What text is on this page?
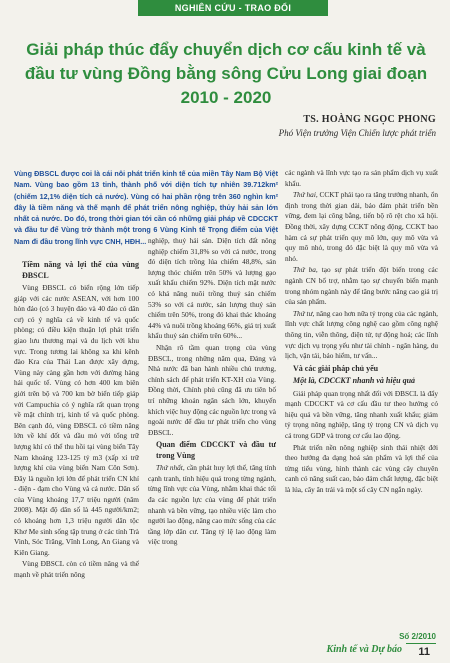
NGHIÊN CỨU - TRAO ĐỔI
Giải pháp thúc đẩy chuyển dịch cơ cấu kinh tế và đầu tư vùng Đồng bằng sông Cửu Long giai đoạn 2010 - 2020
TS. HOÀNG NGỌC PHONG
Phó Viện trưởng Viện Chiến lược phát triển
Vùng ĐBSCL được coi là cái nôi phát triển kinh tế của miền Tây Nam Bộ Việt Nam. Vùng bao gồm 13 tỉnh, thành phố với diện tích tự nhiên 39.712km² (chiếm 12,1% diện tích cả nước). Vùng có hai phần rộng trên 360 nghìn km² đây là tiềm năng và thế mạnh để phát triển nông nghiệp, thủy hải sản lớn nhất cả nước. Do đó, trong thời gian tới cần có những giải pháp về CDCCKT và đầu tư để Vùng trở thành một trong 6 Vùng Kinh tế Trọng điểm của Việt Nam đi đầu trong lĩnh vực CNH, HĐH...
Tiềm năng và lợi thế của vùng ĐBSCL

Vùng ĐBSCL có biển rộng lớn tiếp giáp với các nước ASEAN, với hơn 100 hòn đảo (có 3 huyện đảo và 40 đảo có dân cư) có ý nghĩa cả về kinh tế và quốc phòng; có điều kiện thuận lợi phát triển giao lưu thương mại và du lịch với khu vực. Trong tương lai không xa khi kênh đào Kra của Thái Lan được xây dựng, Vùng này càng gần hơn với đường hàng hải quốc tế. Vùng có hơn 400 km biên giới trên bộ và 700 km bờ biển tiếp giáp với Campuchia có ý nghĩa rất quan trọng về mặt chính trị, kinh tế và quốc phòng. Bên cạnh đó, vùng ĐBSCL có tiềm năng lớn về khí đốt và dầu mỏ với tổng trữ lượng khí có thể thu hồi tại vùng biển Tây Nam khoảng 123-125 tỷ m3 (xấp xỉ trữ lượng khí của vùng biển Nam Côn Sơn). Đây là nguồn lợi lớn để phát triển CN khí - điện - đạm cho Vùng và cả nước. Dân số của Vùng khoảng 17,7 triệu người (năm 2008). Mật độ dân số là 445 người/km2; có khoảng hơn 1,3 triệu người dân tộc Khơ Me sinh sống tập trung ở các tỉnh Trà Vinh, Sóc Trăng, Vĩnh Long, An Giang và Kiên Giang.

Vùng ĐBSCL còn có tiềm năng và thế mạnh về phát triển nông

nghiệp, thuỷ hải sản. Diện tích đất nông nghiệp chiếm 31,8% so với cả nước, trong đó diện tích trồng lúa chiếm 48,8%, sản lượng thóc chiếm trên 50% và lượng gạo xuất khẩu chiếm 92%. Diện tích mặt nước có khả năng nuôi trồng thuỷ sản chiếm 53% so với cả nước, sản lượng thuỷ sản chiếm trên 50%, trong đó khai thác khoảng 44% và nuôi trồng khoảng 66%, giá trị xuất khẩu thuỷ sản chiếm trên 60%...

Nhận rõ tầm quan trọng của vùng ĐBSCL, trong những năm qua, Đảng và Nhà nước đã ban hành nhiều chủ trương, chính sách để phát triển KT-XH của Vùng. Đồng thời, Chính phủ cũng đã ưu tiên bố trí những khoản ngân sách lớn, khuyến khích việc huy động các nguồn lực trong và ngoài nước để đầu tư phát triển cho vùng ĐBSCL.

Quan điểm CDCCKT và đầu tư trong Vùng

Thứ nhất, cần phát huy lợi thế, tăng tính cạnh tranh, tính hiệu quả trong từng ngành, từng lĩnh vực của Vùng, nhằm khai thác tối đa các nguồn lực của vùng để phát triển nhanh và bền vững, tạo nhiều việc làm cho người lao động, nâng cao mức sống của các tầng lớp dân cư. Tăng tỷ lệ lao động làm việc trong

các ngành và lĩnh vực tạo ra sản phẩm dịch vụ xuất khẩu.

Thứ hai, CCKT phải tạo ra tăng trưởng nhanh, ổn định trong thời gian dài, bảo đảm phát triển bền vững, đem lại công bằng, tiến bộ rõ rệt cho xã hội. Đồng thời, xây dựng CCKT nông động, CCKT bao hàm cả sự phát triển quy mô lớn, quy mô vừa và quy mô nhỏ, trong đó đặc biệt là quy mô vừa và nhỏ.

Thứ ba, tạo sự phát triển đột biến trong các ngành CN bổ trợ, nhằm tạo sự chuyển biến mạnh trong nhóm ngành này để tăng bước nâng cao giá trị của sản phẩm.

Thứ tư, nâng cao hơn nữa tỷ trọng của các ngành, lĩnh vực chất lượng công nghệ cao gồm công nghệ thông tin, viễn thông, điện tử, tự động hoá; các lĩnh vực dịch vụ trọng yếu như tài chính - ngân hàng, du lịch, vận tải, bảo hiểm, tư vấn...

Và các giải pháp chủ yếu
Một là, CDCCKT nhanh và hiệu quả

Giải pháp quan trọng nhất đối với ĐBSCL là đẩy mạnh CDCCKT và cơ cấu đầu tư theo hướng có hiệu quả và bền vững, tăng nhanh xuất khẩu; giảm tỷ trọng nông nghiệp, tăng tỷ trọng CN và dịch vụ cả trong GDP và trong cơ cấu lao động.

Phát triển nền nông nghiệp sinh thái nhiệt đới theo hướng đa dạng hoá sản phẩm và lợi thế của từng tiểu vùng, hình thành các vùng cây chuyên canh có năng suất cao, bảo đảm chất lượng, đặc biệt là lúa, cây ăn trái và một số cây CN ngắn ngày.

Số 2/2010
Kinh tế và Dự báo 11
